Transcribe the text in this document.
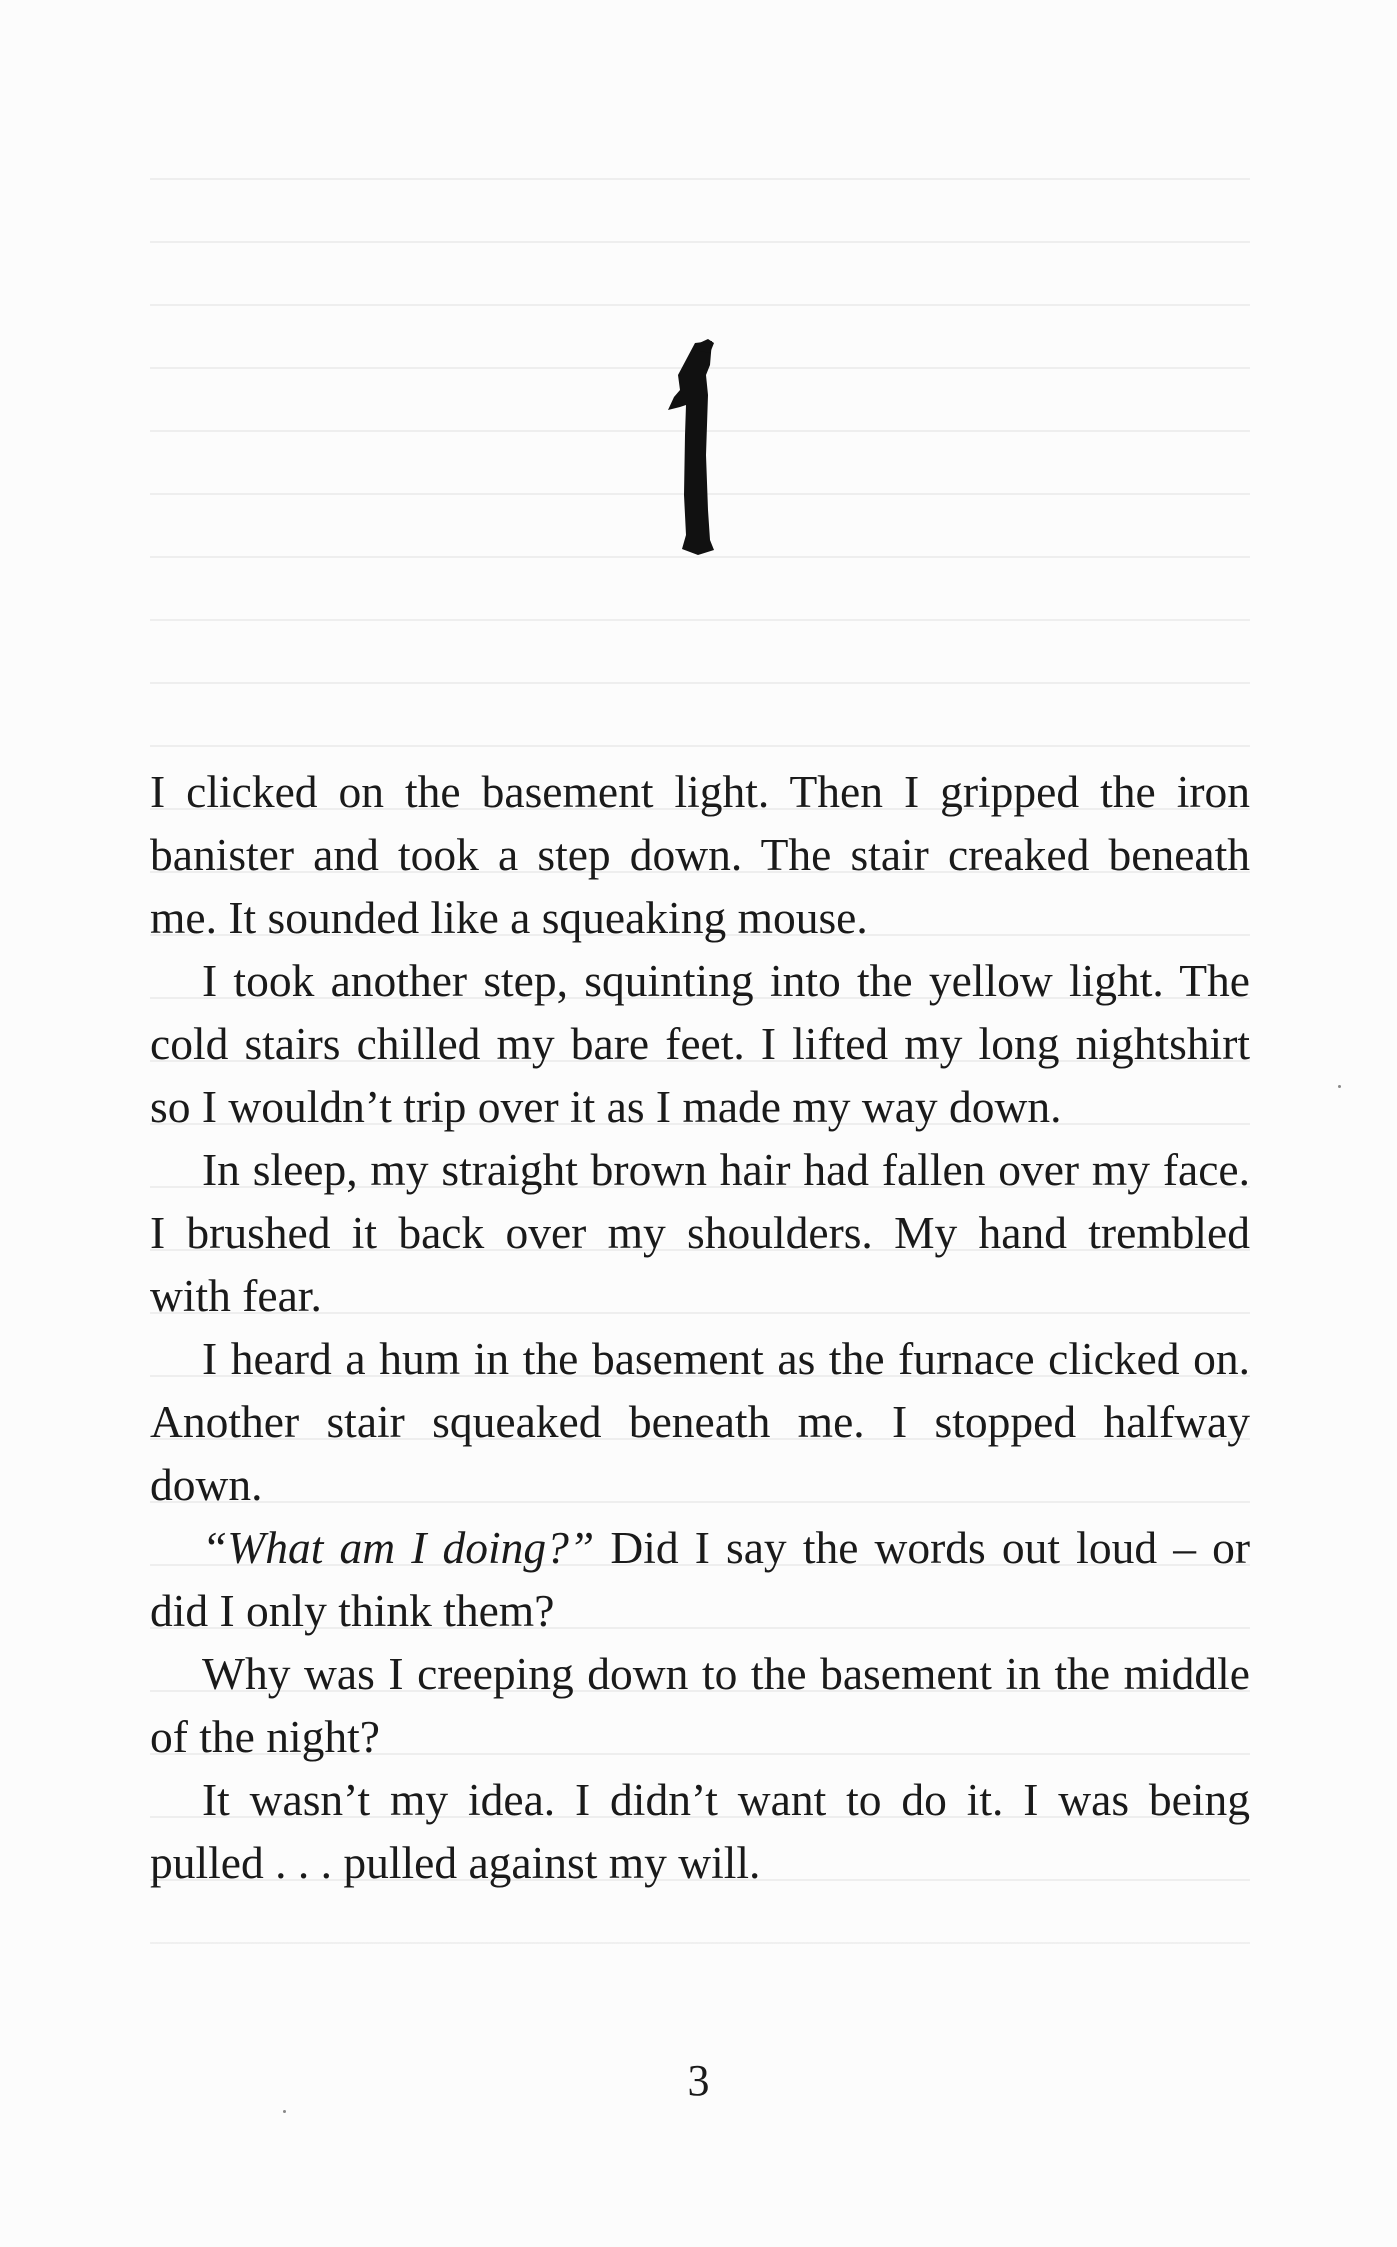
I clicked on the basement light. Then I gripped the iron banister and took a step down. The stair creaked beneath me. It sounded like a squeaking mouse.

I took another step, squinting into the yellow light. The cold stairs chilled my bare feet. I lifted my long nightshirt so I wouldn’t trip over it as I made my way down.

In sleep, my straight brown hair had fallen over my face. I brushed it back over my shoulders. My hand trembled with fear.

I heard a hum in the basement as the furnace clicked on. Another stair squeaked beneath me. I stopped halfway down.

“What am I doing?” Did I say the words out loud – or did I only think them?

Why was I creeping down to the basement in the middle of the night?

It wasn’t my idea. I didn’t want to do it. I was being pulled . . . pulled against my will.

3
